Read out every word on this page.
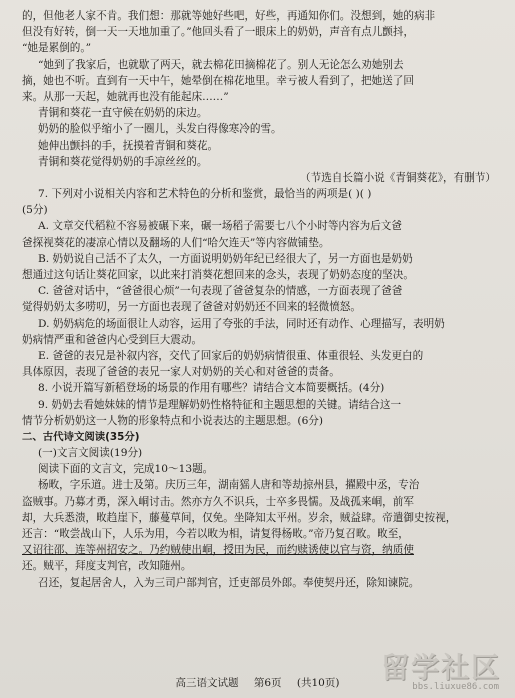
的，但他老人家不肯。我们想：那就等她好些吧，好些，再通知你们。没想到，她的病非
但没有好转，倒一天一天地加重了。”他回头看了一眼床上的奶奶，声音有点儿颤抖，
“她是累倒的。”
“她到了我家后，也就歇了两天，就去棉花田摘棉花了。别人无论怎么劝她别去
摘，她也不听。直到有一天中午，她晕倒在棉花地里。幸亏被人看到了，把她送了回
来。从那一天起，她就再也没有能起床……”
青铜和葵花一直守候在奶奶的床边。
奶奶的脸似乎缩小了一圈儿，头发白得像寒冷的雪。
她伸出颤抖的手，抚摸着青铜和葵花。
青铜和葵花觉得奶奶的手凉丝丝的。
（节选自长篇小说《青铜葵花》，有删节）
7. 下列对小说相关内容和艺术特色的分析和鉴赏，最恰当的两项是( )( )
(5分)
A. 文章交代稻粒不容易被碾下来，碾一场稻子需要七八个小时等内容为后文爸
爸探视葵花的凄凉心情以及翻场的人们“哈欠连天”等内容做铺垫。
B. 奶奶说自己活不了太久，一方面说明奶奶年纪已经很大了，另一方面也是奶奶
想通过这句话让葵花回家，以此来打消葵花想回来的念头，表现了奶奶态度的坚决。
C. 爸爸对话中，“爸爸很心烦”一句表现了爸爸复杂的情感，一方面表现了爸爸
觉得奶奶太多唠叨，另一方面也表现了爸爸对奶奶还不回来的轻微愤怒。
D. 奶奶病危的场面很让人动容，运用了夸张的手法，同时还有动作、心理描写，表明奶
奶病情严重和爸爸内心受到巨大震动。
E. 爸爸的表兄是补叙内容，交代了回家后的奶奶病情很重、体重很轻、头发更白的
具体原因，表现了爸爸的表兄一家人对奶奶的关心和对爸爸的责备。
8. 小说开篇写新稻登场的场景的作用有哪些？请结合文本简要概括。(4分)
9. 奶奶去看她妹妹的情节是理解奶奶性格特征和主题思想的关键。请结合这一
情节分析奶奶这一人物的形象特点和小说表达的主题思想。(6分)
二、古代诗文阅读(35分)
(一)文言文阅读(19分)
阅读下面的文言文，完成10～13题。
杨畋，字乐道。进士及第。庆历三年，湖南猺人唐和等劫掠州县，擢殿中丞，专治
盗贼事。乃募才勇，深入峒讨击。然亦方久不识兵，士卒多畏懦。及战孤来峒，前军
却，大兵悉溃，畋趋崖下，藤蔓草间，仅免。坐降知太平州。岁余，贼益肆。帝遣御史按视，
还言：“畋尝战山下，人乐为用，今若以畋为相，请复得杨畋。”帝乃复召畋。畋至，
又诏往邵、连等州招安之。乃约贼使出峒，授田为民，而约赎诱使以官与资，纳质使
还。贼平，拜度支判官，改知随州。
召还，复起居舍人，入为三司户部判官，迁吏部员外郎。奉使契丹还，除知谏院。
高三语文试题 第6页 (共10页)	留学社区
bbs.liuxue86.com
